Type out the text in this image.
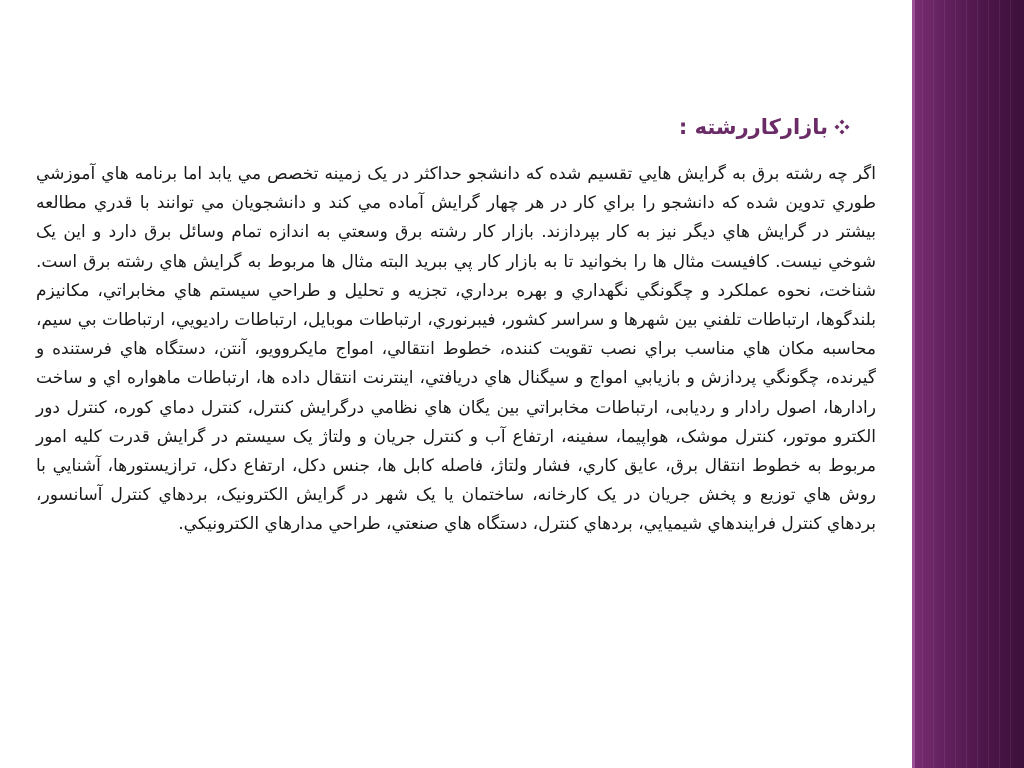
بازارکاررشته :

اگر چه رشته برق به گرايش هايي تقسيم شده كه دانشجو حداكثر در يک زمينه تخصص مي يابد اما برنامه هاي آموزشي طوري تدوين شده كه دانشجو را براي كار در هر چهار گرايش آماده مي كند و دانشجويان مي توانند با قدري مطالعه بيشتر در گرايش هاي ديگر نيز به كار بپردازند. بازار كار رشته برق وسعتي به اندازه تمام وسائل برق دارد و اين يک شوخي نيست. كافيست مثال ها را بخوانيد تا به بازار كار پي ببريد البته مثال ها مربوط به گرايش هاي رشته برق است. شناخت، نحوه عملكرد و چگونگي نگهداري و بهره برداري، تجزيه و تحليل و طراحي سيستم هاي مخابراتي، مكانيزم بلندگوها، ارتباطات تلفني بين شهرها و سراسر كشور، فيبرنوري، ارتباطات موبايل، ارتباطات راديويي، ارتباطات بي سيم، محاسبه مكان هاي مناسب براي نصب تقويت كننده، خطوط انتقالي، امواج مايكروويو، آنتن، دستگاه هاي فرستنده و گيرنده، چگونگي پردازش و بازيابي امواج و سيگنال هاي دريافتي، اينترنت انتقال داده ها، ارتباطات ماهواره اي و ساخت رادارها، اصول رادار و ردیابی، ارتباطات مخابراتي بين يگان هاي نظامي درگرايش كنترل، كنترل دماي كوره، كنترل دور الكترو موتور، كنترل موشک، هواپيما، سفينه، ارتفاع آب و كنترل جريان و ولتاژ يک سيستم در گرايش قدرت كليه امور مربوط به خطوط انتقال برق، عايق كاري، فشار ولتاژ، فاصله كابل ها، جنس دكل، ارتفاع دكل، ترازيستورها، آشنايي با روش هاي توزيع و پخش جريان در يک كارخانه، ساختمان يا يک شهر در گرايش الكترونيک، بردهاي كنترل آسانسور، بردهاي كنترل فرايندهاي شيميايي، بردهاي كنترل، دستگاه هاي صنعتي، طراحي مدارهاي الكترونيكي.
